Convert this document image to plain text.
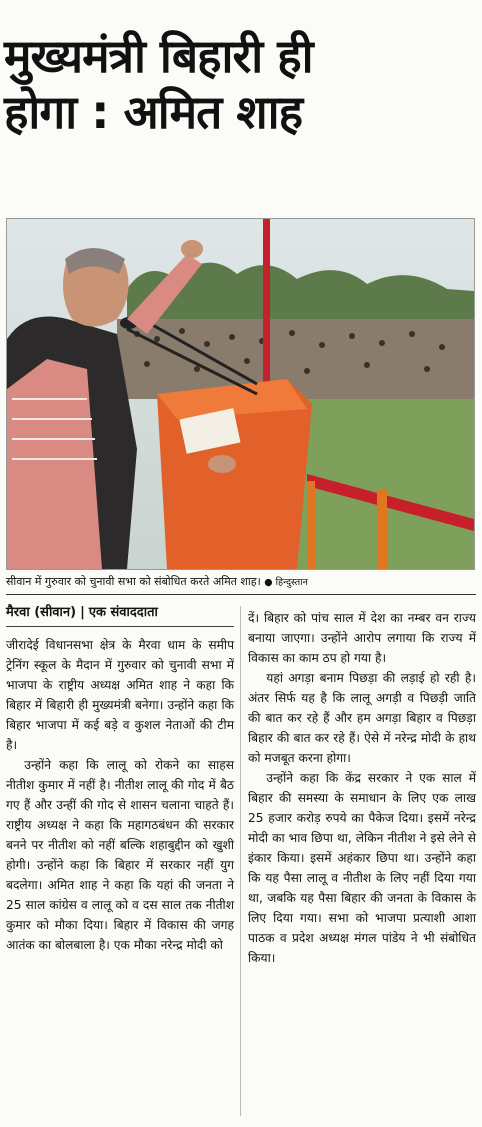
मुख्यमंत्री बिहारी ही
होगा : अमित शाह
सीवान में गुरुवार को चुनावी सभा को संबोधित करते अमित शाह। ● हिन्दुस्तान
मैरवा (सीवान) | एक संवाददाता

जीरादेई विधानसभा क्षेत्र के मैरवा धाम के समीप ट्रेनिंग स्कूल के मैदान में गुरुवार को चुनावी सभा में भाजपा के राष्ट्रीय अध्यक्ष अमित शाह ने कहा कि बिहार में बिहारी ही मुख्यमंत्री बनेगा। उन्होंने कहा कि बिहार भाजपा में कई बड़े व कुशल नेताओं की टीम है।

उन्होंने कहा कि लालू को रोकने का साहस नीतीश कुमार में नहीं है। नीतीश लालू की गोद में बैठ गए हैं और उन्हीं की गोद से शासन चलाना चाहते हैं। राष्ट्रीय अध्यक्ष ने कहा कि महागठबंधन की सरकार बनने पर नीतीश को नहीं बल्कि शहाबुद्दीन को खुशी होगी। उन्होंने कहा कि बिहार में सरकार नहीं युग बदलेगा। अमित शाह ने कहा कि यहां की जनता ने 25 साल कांग्रेस व लालू को व दस साल तक नीतीश कुमार को मौका दिया। बिहार में विकास की जगह आतंक का बोलबाला है। एक मौका नरेन्द्र मोदी को

दें। बिहार को पांच साल में देश का नम्बर वन राज्य बनाया जाएगा। उन्होंने आरोप लगाया कि राज्य में विकास का काम ठप हो गया है।

यहां अगड़ा बनाम पिछड़ा की लड़ाई हो रही है। अंतर सिर्फ यह है कि लालू अगड़ी व पिछड़ी जाति की बात कर रहे हैं और हम अगड़ा बिहार व पिछड़ा बिहार की बात कर रहे हैं। ऐसे में नरेन्द्र मोदी के हाथ को मजबूत करना होगा।

उन्होंने कहा कि केंद्र सरकार ने एक साल में बिहार की समस्या के समाधान के लिए एक लाख 25 हजार करोड़ रुपये का पैकेज दिया। इसमें नरेन्द्र मोदी का भाव छिपा था, लेकिन नीतीश ने इसे लेने से इंकार किया। इसमें अहंकार छिपा था। उन्होंने कहा कि यह पैसा लालू व नीतीश के लिए नहीं दिया गया था, जबकि यह पैसा बिहार की जनता के विकास के लिए दिया गया। सभा को भाजपा प्रत्याशी आशा पाठक व प्रदेश अध्यक्ष मंगल पांडेय ने भी संबोधित किया।
